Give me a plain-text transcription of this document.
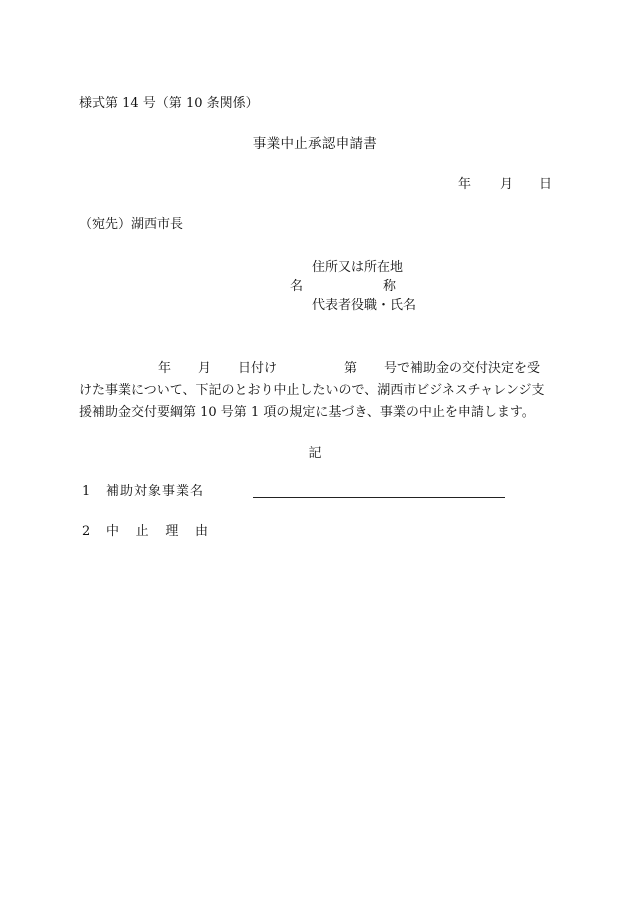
様式第 14 号（第 10 条関係）
事業中止承認申請書
年 月 日
（宛先）湖西市長
住所又は所在地
名	称
代表者役職・氏名
年 月 日付け	第 号で補助金の交付決定を受
けた事業について、下記のとおり中止したいので、湖西市ビジネスチャレンジ支
援補助金交付要綱第 10 号第 1 項の規定に基づき、事業の中止を申請します。
記
1 補助対象事業名
2 中 止 理 由
